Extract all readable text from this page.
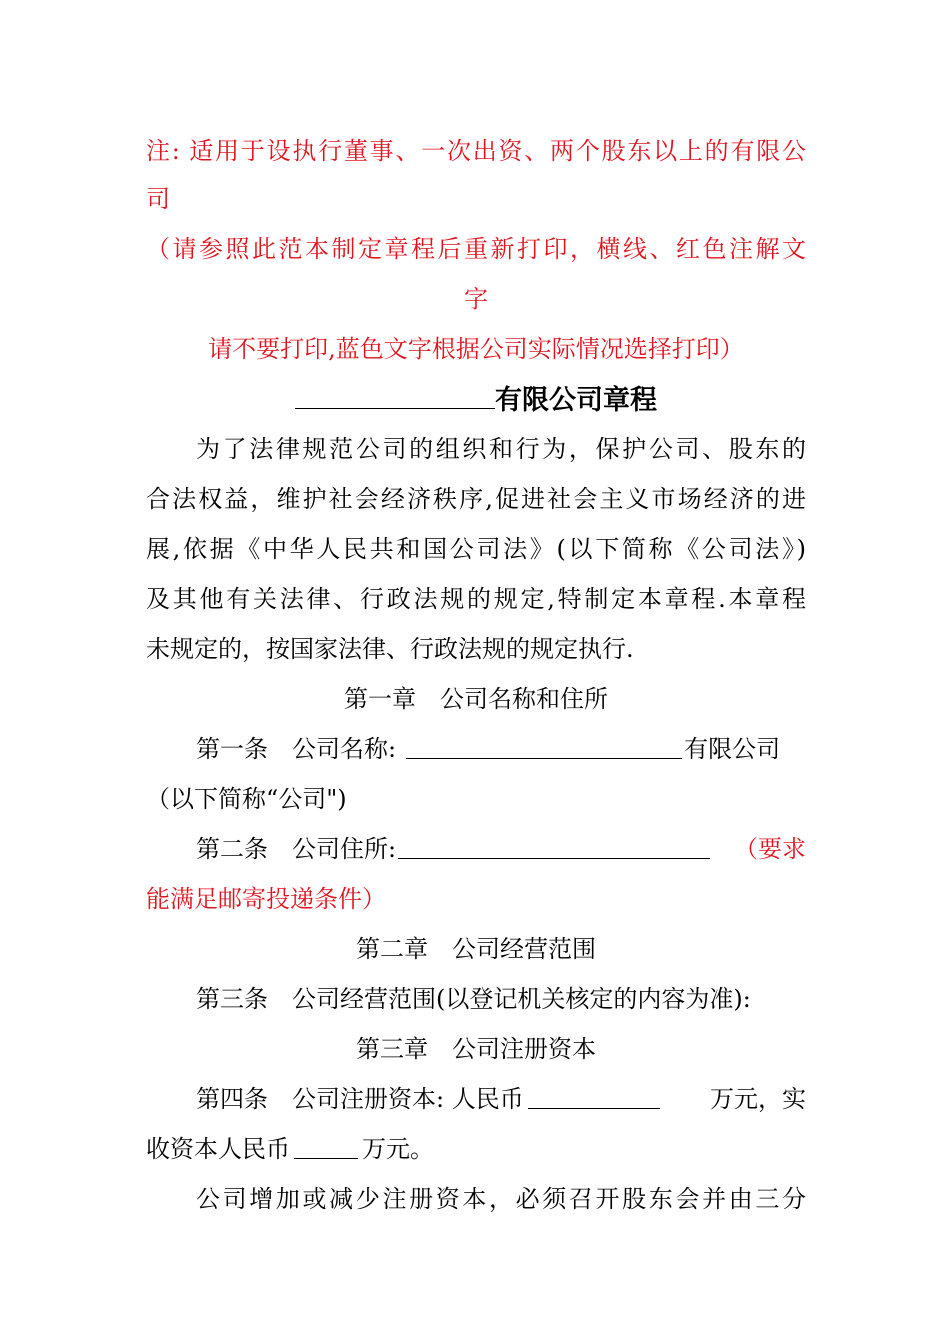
注: 适用于设执行董事、一次出资、两个股东以上的有限公
司
（请参照此范本制定章程后重新打印，横线、红色注解文
字
请不要打印,蓝色文字根据公司实际情况选择打印）
有限公司章程
为了法律规范公司的组织和行为，保护公司、股东的
合法权益，维护社会经济秩序,促进社会主义市场经济的进
展,依据《中华人民共和国公司法》(以下简称《公司法》)
及其他有关法律、行政法规的规定,特制定本章程.本章程
未规定的，按国家法律、行政法规的规定执行.
第一章　公司名称和住所
第一条　公司名称:	有限公司
（以下简称“公司")
第二条　公司住所:	（要求
能满足邮寄投递条件）
第二章　公司经营范围
第三条　公司经营范围(以登记机关核定的内容为准):
第三章　公司注册资本
第四条　公司注册资本: 人民币	万元，实
收资本人民币	万元。
公司增加或减少注册资本，必须召开股东会并由三分
